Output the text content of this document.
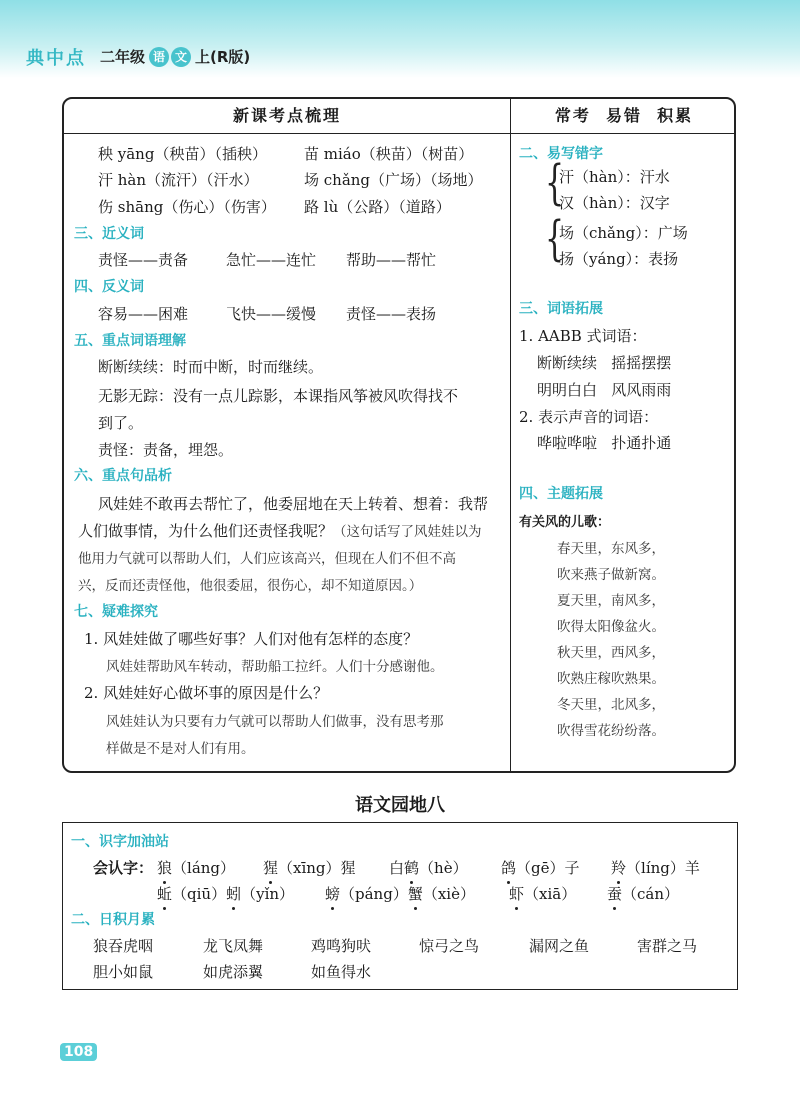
典中点 二年级 语 文 上(R版)
新课考点梳理
秧 yāng（秧苗）（插秧） 苗 miáo（秧苗）（树苗）
汗 hàn（流汗）（汗水）	场 chǎng（广场）（场地）
伤 shāng（伤心）（伤害） 路 lù（公路）（道路）
三、近义词
责怪——责备	急忙——连忙 帮助——帮忙
四、反义词
容易——困难	飞快——缓慢 责怪——表扬
五、重点词语理解
断断续续：时而中断，时而继续。
无影无踪：没有一点儿踪影，本课指风筝被风吹得找不
到了。
责怪：责备，埋怨。
六、重点句品析
风娃娃不敢再去帮忙了，他委屈地在天上转着、想着：我帮
人们做事情，为什么他们还责怪我呢？（这句话写了风娃娃以为
他用力气就可以帮助人们，人们应该高兴，但现在人们不但不高
兴，反而还责怪他，他很委屈，很伤心，却不知道原因。）
七、疑难探究
1. 风娃娃做了哪些好事？人们对他有怎样的态度？
风娃娃帮助风车转动，帮助船工拉纤。人们十分感谢他。
2. 风娃娃好心做坏事的原因是什么？
风娃娃认为只要有力气就可以帮助人们做事，没有思考那
样做是不是对人们有用。
常考  易错  积累
二、易写错字
{
汗（hàn）：汗水
汉（hàn）：汉字
{
场（chǎng）：广场
扬（yáng）：表扬
三、词语拓展
1. AABB 式词语：
断断续续   摇摇摆摆
明明白白   风风雨雨
2. 表示声音的词语：
哗啦哗啦   扑通扑通
四、主题拓展
有关风的儿歌：
春天里，东风多，
吹来燕子做新窝。
夏天里，南风多，
吹得太阳像盆火。
秋天里，西风多，
吹熟庄稼吹熟果。
冬天里，北风多，
吹得雪花纷纷落。
语文园地八
一、识字加油站
会认字： 狼（láng） 猩（xīng）猩 白鹤（hè） 鸽（gē）子 羚（líng）羊
蚯（qiū）蚓（yǐn） 螃（páng）蟹（xiè） 虾（xiā） 蚕（cán）
二、日积月累
狼吞虎咽	龙飞凤舞	鸡鸣狗吠	惊弓之鸟	漏网之鱼	害群之马
胆小如鼠	如虎添翼	如鱼得水
108
